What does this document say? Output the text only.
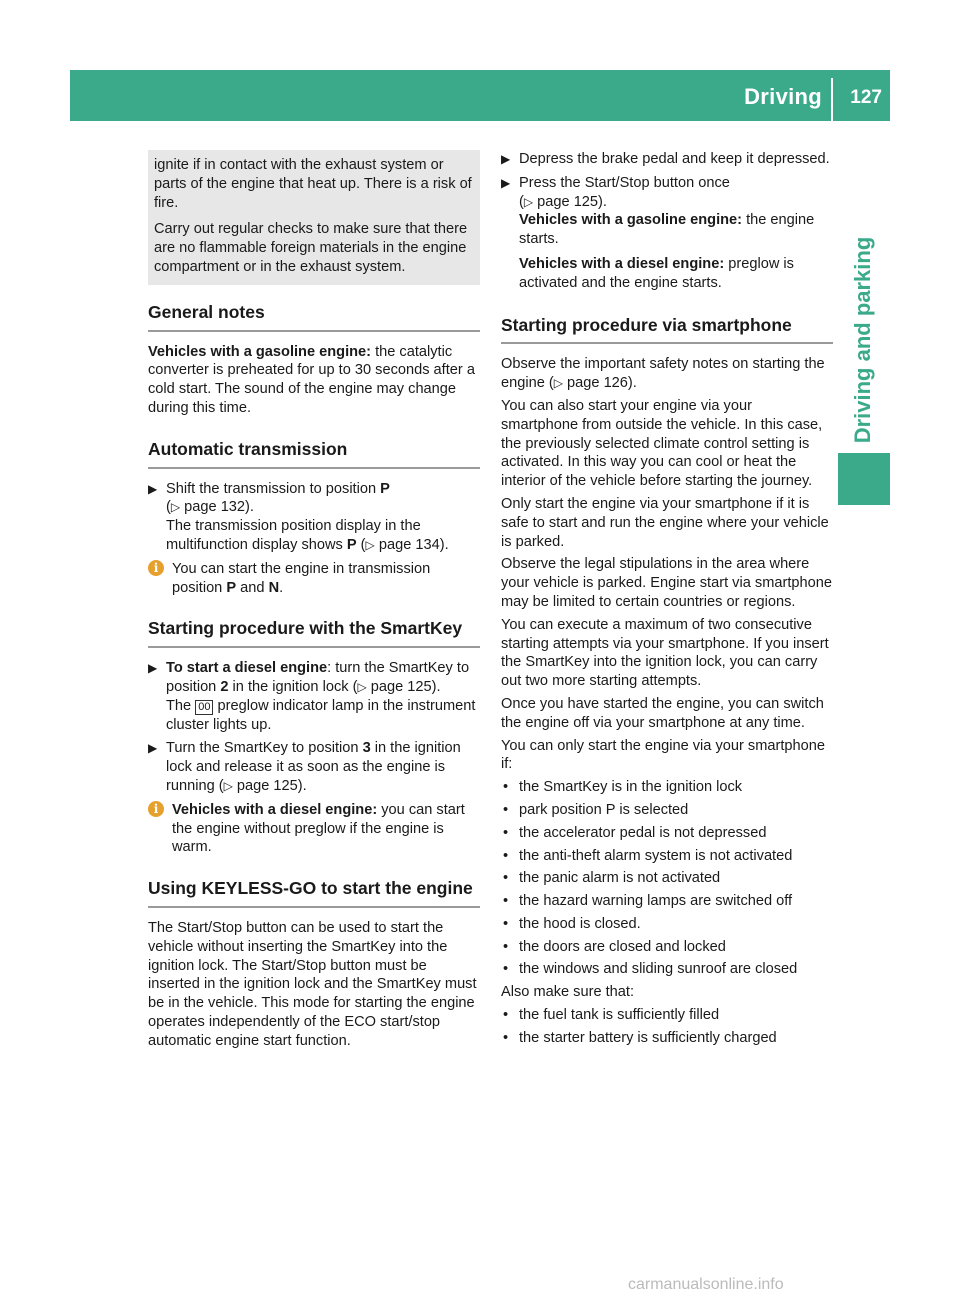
Driving 127
Driving and parking

ignite if in contact with the exhaust system or parts of the engine that heat up. There is a risk of fire.

Carry out regular checks to make sure that there are no flammable foreign materials in the engine compartment or in the exhaust system.

General notes

Vehicles with a gasoline engine: the catalytic converter is preheated for up to 30 seconds after a cold start. The sound of the engine may change during this time.

Automatic transmission
▶ Shift the transmission to position P
(▷ page 132).
The transmission position display in the multifunction display shows P (▷ page 134).
i You can start the engine in transmission position P and N.
Starting procedure with the SmartKey
▶ To start a diesel engine: turn the SmartKey to position 2 in the ignition lock (▷ page 125).
The 00 preglow indicator lamp in the instrument cluster lights up.
▶ Turn the SmartKey to position 3 in the ignition lock and release it as soon as the engine is running (▷ page 125).
i Vehicles with a diesel engine: you can start the engine without preglow if the engine is warm.
Using KEYLESS-GO to start the engine

The Start/Stop button can be used to start the vehicle without inserting the SmartKey into the ignition lock. The Start/Stop button must be inserted in the ignition lock and the SmartKey must be in the vehicle. This mode for starting the engine operates independently of the ECO start/stop automatic engine start function.

▶ Depress the brake pedal and keep it depressed.
▶ Press the Start/Stop button once
(▷ page 125).
Vehicles with a gasoline engine: the engine starts.

Vehicles with a diesel engine: preglow is activated and the engine starts.

Starting procedure via smartphone

Observe the important safety notes on starting the engine (▷ page 126).

You can also start your engine via your smartphone from outside the vehicle. In this case, the previously selected climate control setting is activated. In this way you can cool or heat the interior of the vehicle before starting the journey.

Only start the engine via your smartphone if it is safe to start and run the engine where your vehicle is parked.

Observe the legal stipulations in the area where your vehicle is parked. Engine start via smartphone may be limited to certain countries or regions.

You can execute a maximum of two consecutive starting attempts via your smartphone. If you insert the SmartKey into the ignition lock, you can carry out two more starting attempts.

Once you have started the engine, you can switch the engine off via your smartphone at any time.

You can only start the engine via your smartphone if:

• the SmartKey is in the ignition lock
• park position P is selected
• the accelerator pedal is not depressed
• the anti-theft alarm system is not activated
• the panic alarm is not activated
• the hazard warning lamps are switched off
• the hood is closed.
• the doors are closed and locked
• the windows and sliding sunroof are closed

Also make sure that:

• the fuel tank is sufficiently filled
• the starter battery is sufficiently charged
carmanualsonline.info
